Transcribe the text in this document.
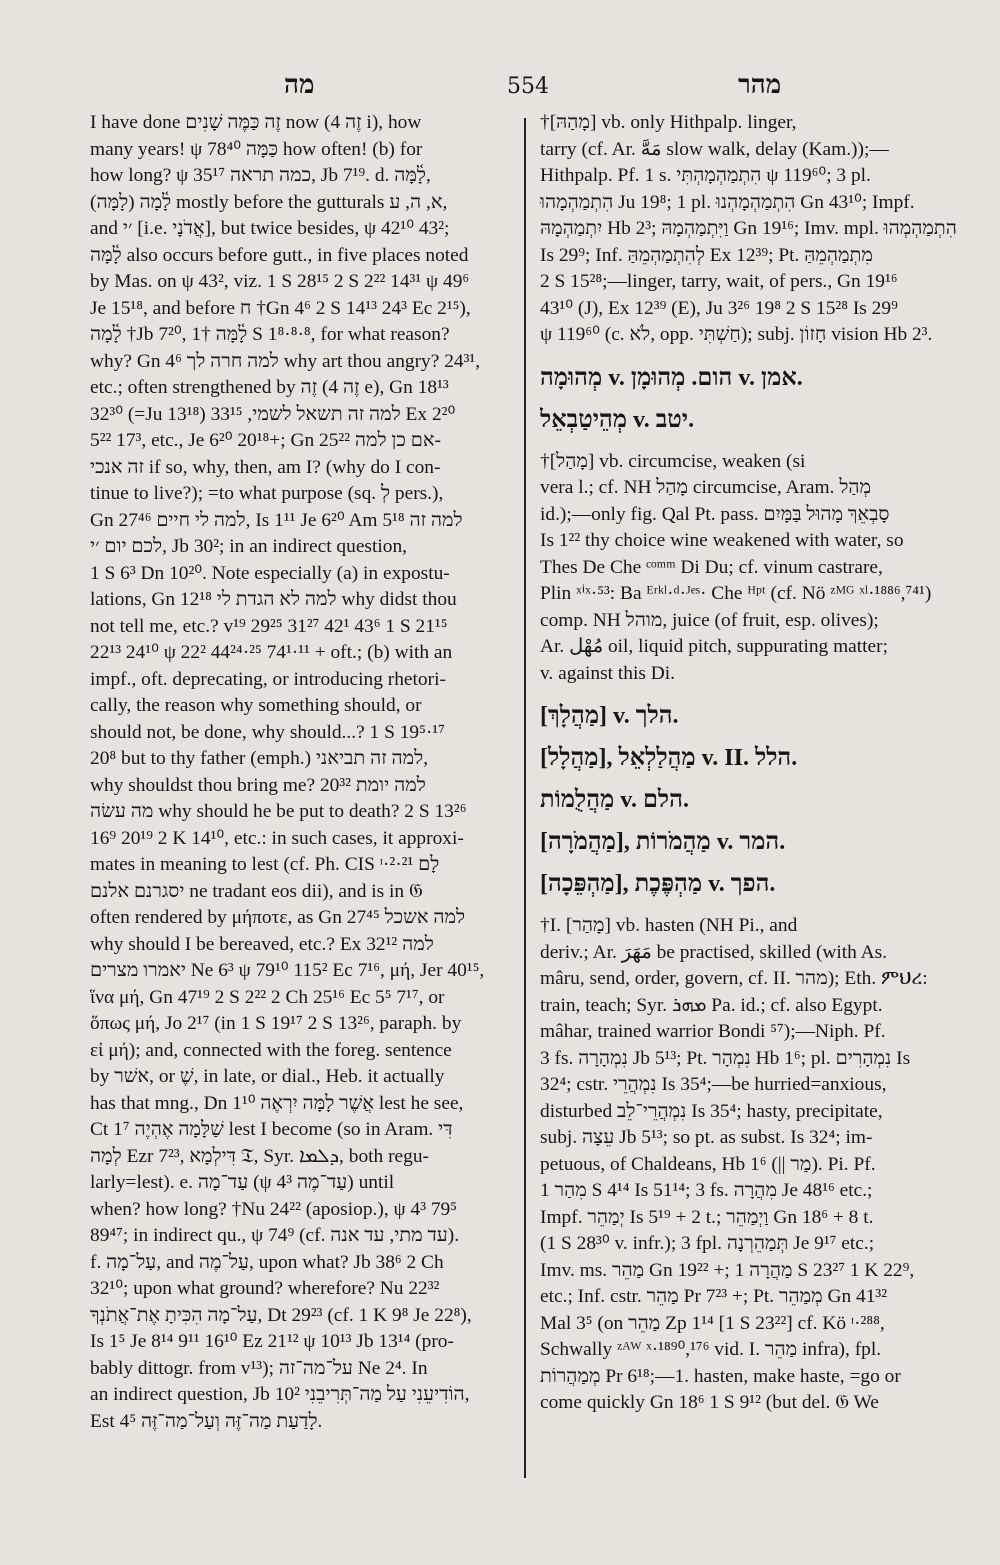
מה	554	מהר
I have done זֶה כַּמֶּה שָׁנִים now (זֶה 4 i), how
many years! ψ 78⁴⁰ כַּמָּה how often! (b) for
how long? ψ 35¹⁷ כמה תראה, Jb 7¹⁹. d. לָ֫מָּה,
לָ֫מָה (לָמָּה) mostly before the gutturals א, ה, ע,
and ׳י [i.e. אֲדֹנָי], but twice besides, ψ 42¹⁰ 43²;
לָ֫מָּה also occurs before gutt., in five places noted
by Mas. on ψ 43², viz. 1 S 28¹⁵ 2 S 2²² 14³¹ ψ 49⁶
Je 15¹⁸, and before ח †Gn 4⁶ 2 S 14¹³ 24³ Ec 2¹⁵),
לָ֫מָה †Jb 7²⁰, לָ֫מָּה †1 S 1⁸·⁸·⁸, for what reason?
why? Gn 4⁶ למה חרה לך why art thou angry? 24³¹,
etc.; often strengthened by זֶה (זֶה 4 e), Gn 18¹³
32³⁰ (=Ju 13¹⁸) למה זה תשאל לשמי, 33¹⁵ Ex 2²⁰
5²² 17³, etc., Je 6²⁰ 20¹⁸+; Gn 25²² אם כן למה-
זה אנכי if so, why, then, am I? (why do I con-
tinue to live?); =to what purpose (sq. לְ pers.),
Gn 27⁴⁶ למה לי חיים, Is 1¹¹ Je 6²⁰ Am 5¹⁸ למה זה
לכם יום ׳י, Jb 30²; in an indirect question,
1 S 6³ Dn 10²⁰. Note especially (a) in expostu-
lations, Gn 12¹⁸ למה לא הגדת לי why didst thou
not tell me, etc.? v¹⁹ 29²⁵ 31²⁷ 42¹ 43⁶ 1 S 21¹⁵
22¹³ 24¹⁰ ψ 22² 44²⁴·²⁵ 74¹·¹¹ + oft.; (b) with an
impf., oft. deprecating, or introducing rhetori-
cally, the reason why something should, or
should not, be done, why should...? 1 S 19⁵·¹⁷
20⁸ but to thy father (emph.) למה זה תביאני,
why shouldst thou bring me? 20³² למה יומת
מה עשׂה why should he be put to death? 2 S 13²⁶
16⁹ 20¹⁹ 2 K 14¹⁰, etc.: in such cases, it approxi-
mates in meaning to lest (cf. Ph. CIS ᶦ·²·²¹ לָם
יסגרנם אלנם ne tradant eos dii), and is in 𝔊
often rendered by μήποτε, as Gn 27⁴⁵ למה אשכל
why should I be bereaved, etc.? Ex 32¹² למה
יאמרו מצרים Ne 6³ ψ 79¹⁰ 115² Ec 7¹⁶, μή, Jer 40¹⁵,
ἵνα μή, Gn 47¹⁹ 2 S 2²² 2 Ch 25¹⁶ Ec 5⁵ 7¹⁷, or
ὅπως μή, Jo 2¹⁷ (in 1 S 19¹⁷ 2 S 13²⁶, paraph. by
εἰ μή); and, connected with the foreg. sentence
by אשׁר, or שֶׁ, in late, or dial., Heb. it actually
has that mng., Dn 1¹⁰ אֲשֶׁר לָמָּה יִרְאֶה lest he see,
Ct 1⁷ שַׁלָּמָה אֶהְיֶה lest I become (so in Aram. דִּי
לְמָה Ezr 7²³, דִּילְמָא 𝔗, Syr. ܕܠܡܐ, both regu-
larly=lest). e. עַד־מָה (ψ 4³ עַד־מֶה) until
when? how long? †Nu 24²² (aposiop.), ψ 4³ 79⁵
89⁴⁷; in indirect qu., ψ 74⁹ (cf. עד מתי, עד אנה).
f. עַל־מָה, and עַל־מֶה, upon what? Jb 38⁶ 2 Ch
32¹⁰; upon what ground? wherefore? Nu 22³²
עַל־מָה הִכִּיתָ אֶת־אֲתֹנְךָ, Dt 29²³ (cf. 1 K 9⁸ Je 22⁸),
Is 1⁵ Je 8¹⁴ 9¹¹ 16¹⁰ Ez 21¹² ψ 10¹³ Jb 13¹⁴ (pro-
bably dittogr. from v¹³); על־מה־זה Ne 2⁴. In
an indirect question, Jb 10² הוֹדִיעֵנִי עַל מַה־תְּרִיבֵנִי,
Est 4⁵ לָדַעַת מַה־זֶּה וְעַל־מַה־זֶּה.
†[מָהַהּ] vb. only Hithpalp. linger,
tarry (cf. Ar. مَهَّ slow walk, delay (Kam.));—
Hithpalp. Pf. 1 s. הִתְמַהְמָהְתִּי ψ 119⁶⁰; 3 pl.
הִתְמַהְמָהוּ Ju 19⁸; 1 pl. הִתְמַהְמָהְנוּ Gn 43¹⁰; Impf.
יִתְמַהְמָהּ Hb 2³; וַיִּתְמַהְמָהּ Gn 19¹⁶; Imv. mpl. הִתְמַהְמְהוּ
Is 29⁹; Inf. לְהִתְמַהְמֵהַּ Ex 12³⁹; Pt. מִתְמַהְמֵהַּ
2 S 15²⁸;—linger, tarry, wait, of pers., Gn 19¹⁶
43¹⁰ (J), Ex 12³⁹ (E), Ju 3²⁶ 19⁸ 2 S 15²⁸ Is 29⁹
ψ 119⁶⁰ (c. לֹא, opp. חַשְׁתִּי); subj. חָזוֹן vision Hb 2³.
מְהוּמָה v. הום. מְהוּמָן v. אמן.
מְהֵיטַבְאֵל v. יטב.
†[מָהַל] vb. circumcise, weaken (si
vera l.; cf. NH מָהַל circumcise, Aram. מְהַל
id.);—only fig. Qal Pt. pass. סָבְאֵךְ מָהוּל בַּמָּיִם
Is 1²² thy choice wine weakened with water, so
Thes De Che ᶜᵒᵐᵐ Di Du; cf. vinum castrare,
Plin ˣⁱˣ·⁵³: Ba ᴱʳᵏˡ·ᵈ·ᴶᵉˢ· Che ᴴᵖᵗ (cf. Nö ᶻᴹᴳ ˣˡ·¹⁸⁸⁶,⁷⁴¹)
comp. NH מוהל, juice (of fruit, esp. olives);
Ar. مُهْل oil, liquid pitch, suppurating matter;
v. against this Di.
[מַהֲלָךְ] v. הלך.
[מַהֲלָל], מַהֲלַלְאֵל v. II. הלל.
מַהֲלֻמוֹת v. הלם.
[מַהֲמֹרָה], מַהֲמֹרוֹת v. המר.
[מַהְפֵּכָה], מַהְפֶּכֶת v. הפך.
†I. [מָהַר] vb. hasten (NH Pi., and
deriv.; Ar. مَهَرَ be practised, skilled (with As.
mâru, send, order, govern, cf. II. מהר); Eth. ምህረ:
train, teach; Syr. ܡܗܪ Pa. id.; cf. also Egypt.
mâhar, trained warrior Bondi ⁵⁷);—Niph. Pf.
3 fs. נִמְהָרָה Jb 5¹³; Pt. נִמְהָר Hb 1⁶; pl. נִמְהָרִים Is
32⁴; cstr. נִמְהֲרֵי Is 35⁴;—be hurried=anxious,
disturbed נִמְהֲרֵי־לֵב Is 35⁴; hasty, precipitate,
subj. עֵצָה Jb 5¹³; so pt. as subst. Is 32⁴; im-
petuous, of Chaldeans, Hb 1⁶ (|| מַר). Pi. Pf.
מִהַר 1 S 4¹⁴ Is 51¹⁴; 3 fs. מִהֲרָה Je 48¹⁶ etc.;
Impf. יְמַהֵר Is 5¹⁹ + 2 t.; וַיְמַהֵר Gn 18⁶ + 8 t.
(1 S 28³⁰ v. infr.); 3 fpl. תְּמַהֵרְנָה Je 9¹⁷ etc.;
Imv. ms. מַהֵר Gn 19²² +; מַהֲרָה 1 S 23²⁷ 1 K 22⁹,
etc.; Inf. cstr. מַהֵר Pr 7²³ +; Pt. מְמַהֵר Gn 41³²
Mal 3⁵ (on מַהֵר Zp 1¹⁴ [1 S 23²²] cf. Kö ᶦ·²⁸⁸,
Schwally ᶻᴬᵂ ˣ·¹⁸⁹⁰,¹⁷⁶ vid. I. מַהֵר infra), fpl.
מְמַהֲרוֹת Pr 6¹⁸;—1. hasten, make haste, =go or
come quickly Gn 18⁶ 1 S 9¹² (but del. 𝔊 We
